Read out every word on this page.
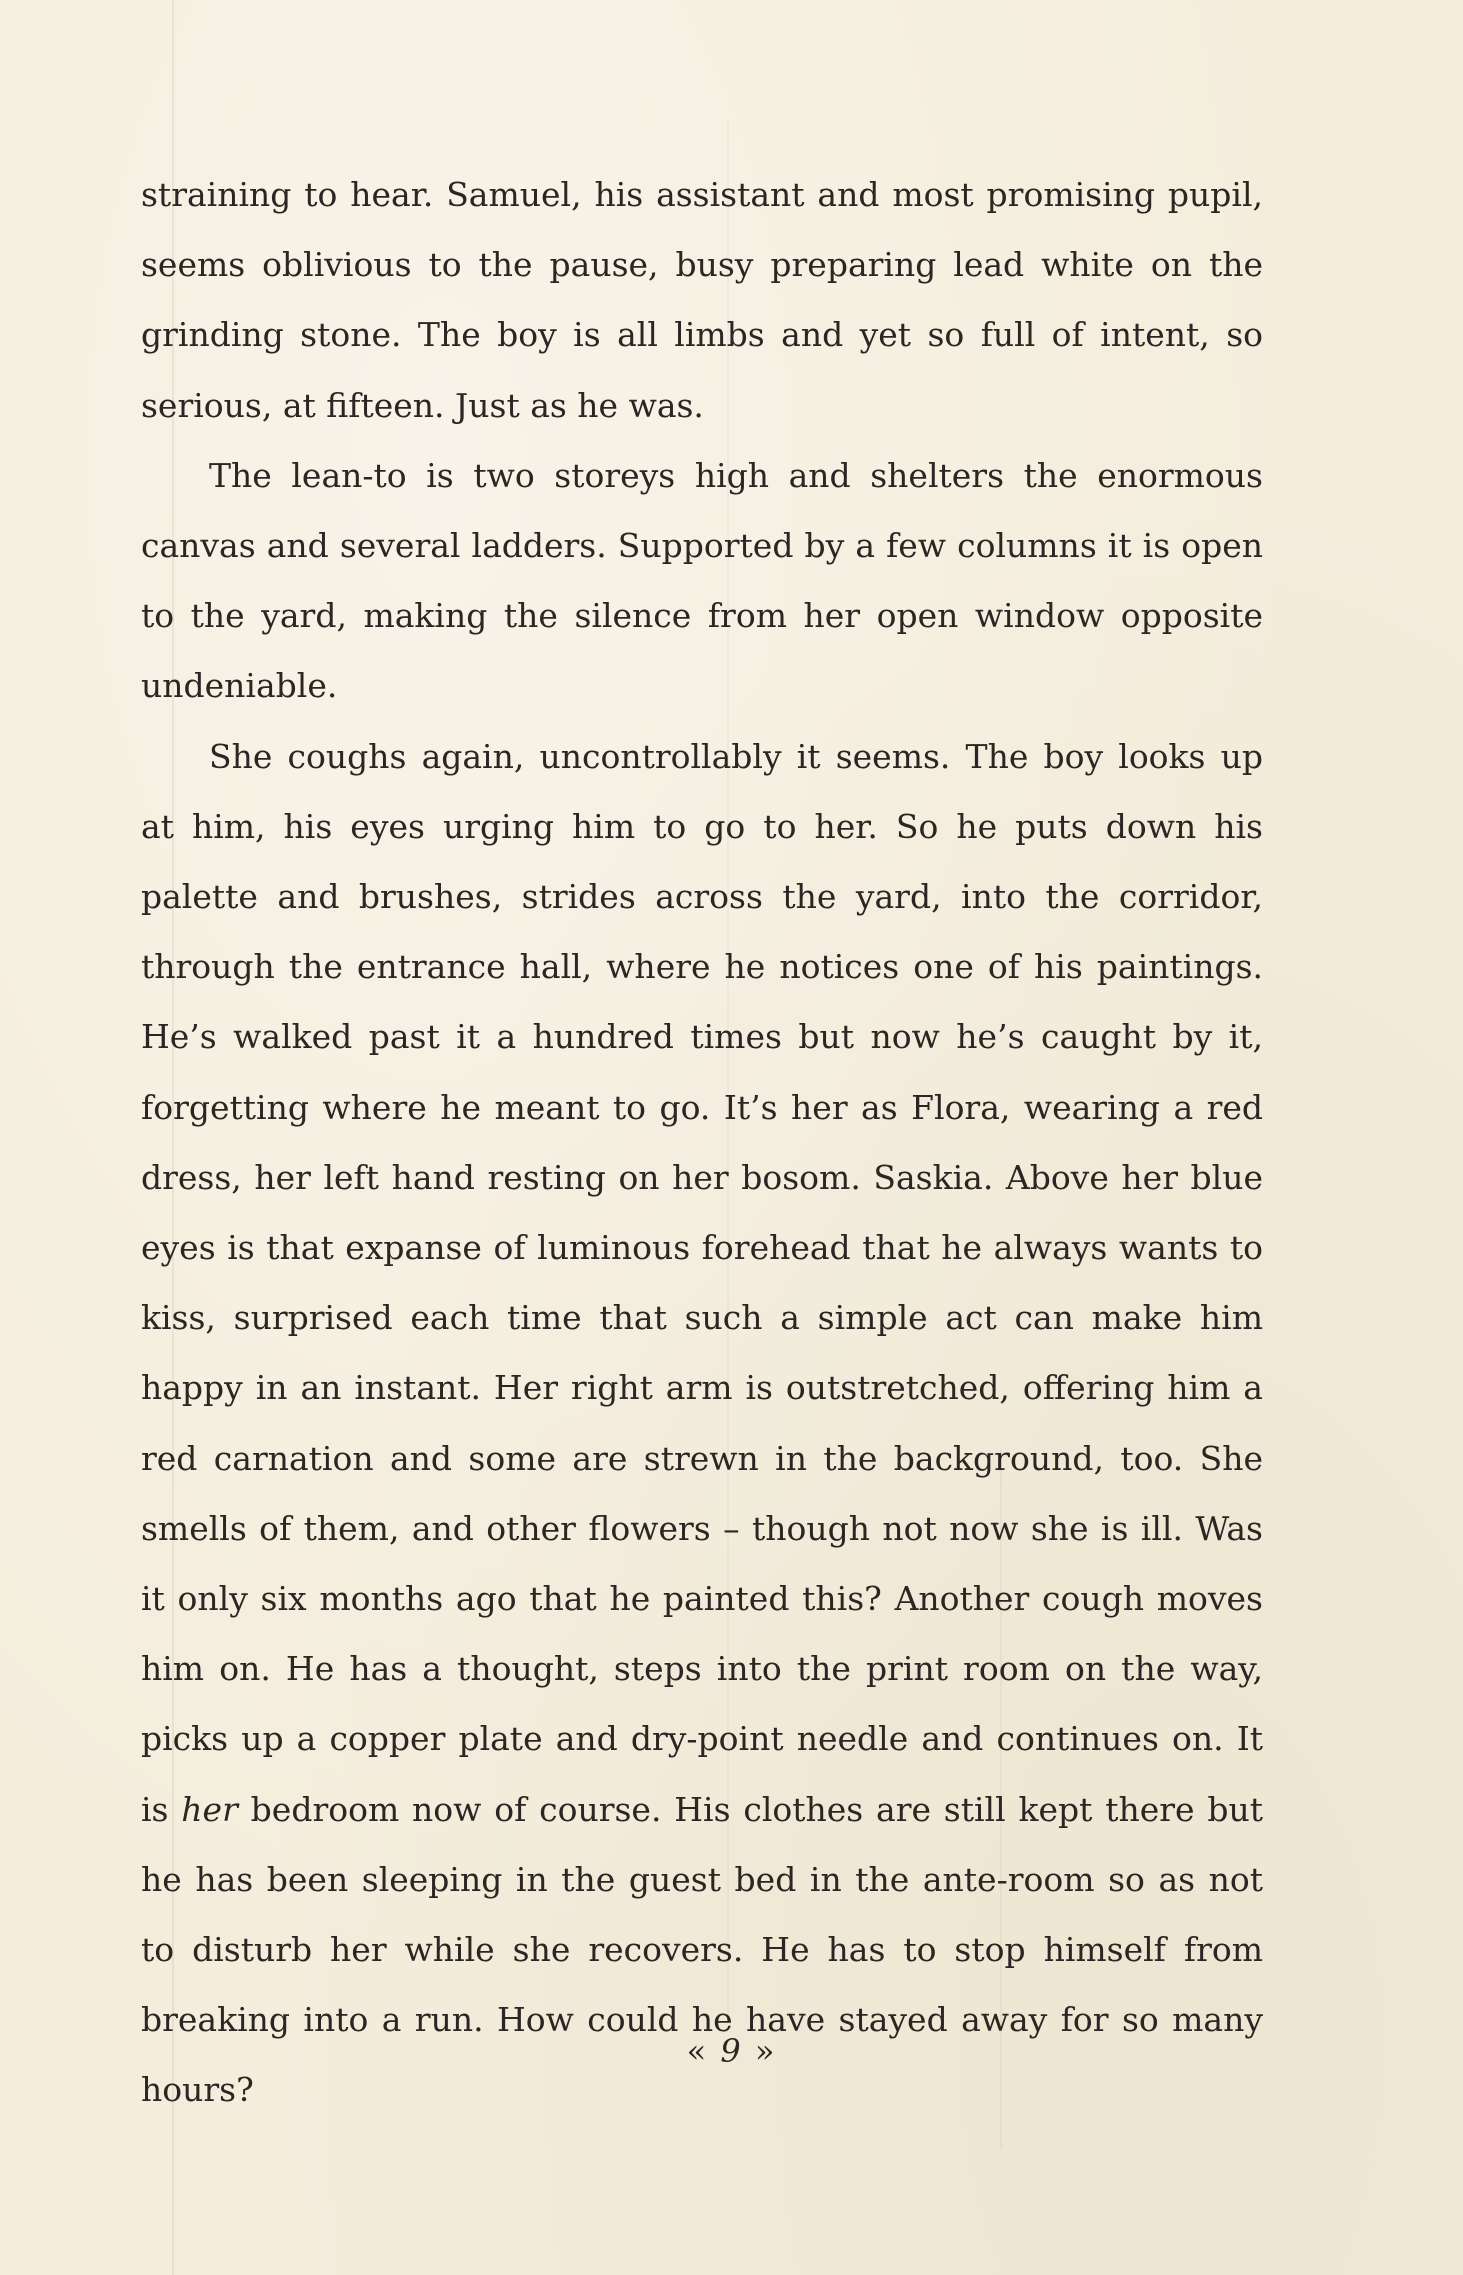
straining to hear. Samuel, his assistant and most promising pupil, seems oblivious to the pause, busy preparing lead white on the grinding stone. The boy is all limbs and yet so full of intent, so serious, at fifteen. Just as he was.

The lean-to is two storeys high and shelters the enormous canvas and several ladders. Supported by a few columns it is open to the yard, making the silence from her open window opposite undeniable.

She coughs again, uncontrollably it seems. The boy looks up at him, his eyes urging him to go to her. So he puts down his palette and brushes, strides across the yard, into the corridor, through the entrance hall, where he notices one of his paintings. He’s walked past it a hundred times but now he’s caught by it, forgetting where he meant to go. It’s her as Flora, wearing a red dress, her left hand resting on her bosom. Saskia. Above her blue eyes is that expanse of luminous forehead that he always wants to kiss, surprised each time that such a simple act can make him happy in an instant. Her right arm is outstretched, offering him a red carnation and some are strewn in the background, too. She smells of them, and other flowers – though not now she is ill. Was it only six months ago that he painted this? Another cough moves him on. He has a thought, steps into the print room on the way, picks up a copper plate and dry-point needle and continues on. It is her bedroom now of course. His clothes are still kept there but he has been sleeping in the guest bed in the ante-room so as not to disturb her while she recovers. He has to stop himself from breaking into a run. How could he have stayed away for so many hours?

« 9 »
